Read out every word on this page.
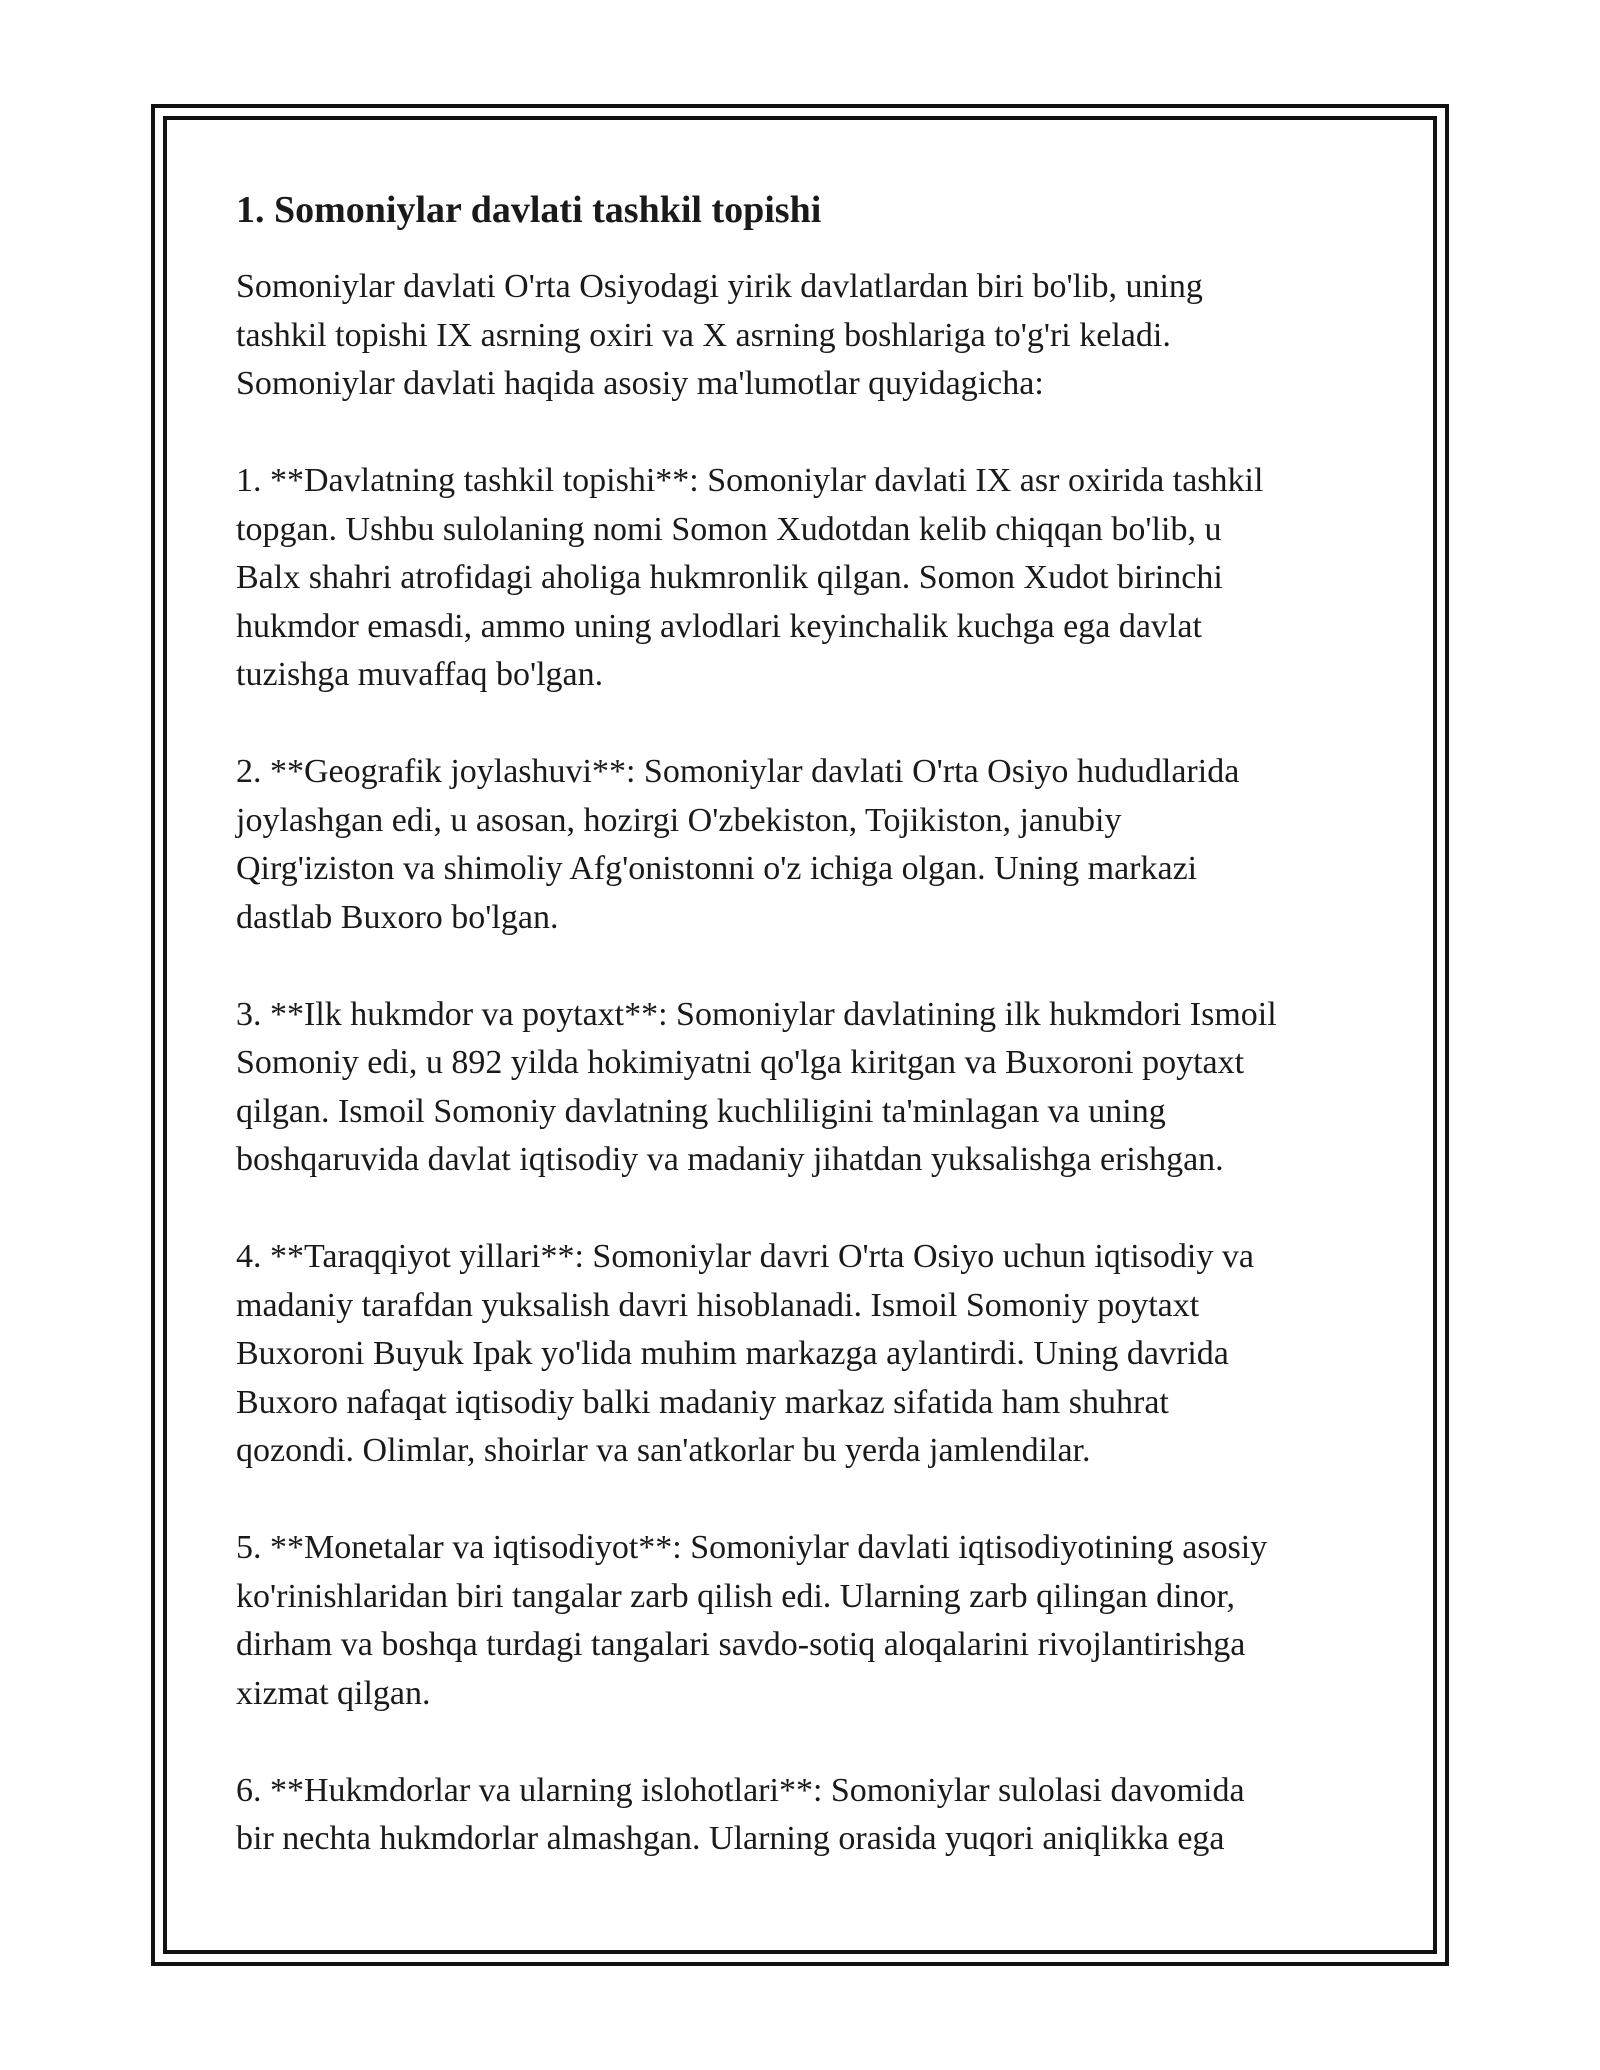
1. Somoniylar davlati tashkil topishi

Somoniylar davlati O'rta Osiyodagi yirik davlatlardan biri bo'lib, uning
tashkil topishi IX asrning oxiri va X asrning boshlariga to'g'ri keladi.
Somoniylar davlati haqida asosiy ma'lumotlar quyidagicha:

1. **Davlatning tashkil topishi**: Somoniylar davlati IX asr oxirida tashkil
topgan. Ushbu sulolaning nomi Somon Xudotdan kelib chiqqan bo'lib, u
Balx shahri atrofidagi aholiga hukmronlik qilgan. Somon Xudot birinchi
hukmdor emasdi, ammo uning avlodlari keyinchalik kuchga ega davlat
tuzishga muvaffaq bo'lgan.

2. **Geografik joylashuvi**: Somoniylar davlati O'rta Osiyo hududlarida
joylashgan edi, u asosan, hozirgi O'zbekiston, Tojikiston, janubiy
Qirg'iziston va shimoliy Afg'onistonni o'z ichiga olgan. Uning markazi
dastlab Buxoro bo'lgan.

3. **Ilk hukmdor va poytaxt**: Somoniylar davlatining ilk hukmdori Ismoil
Somoniy edi, u 892 yilda hokimiyatni qo'lga kiritgan va Buxoroni poytaxt
qilgan. Ismoil Somoniy davlatning kuchliligini ta'minlagan va uning
boshqaruvida davlat iqtisodiy va madaniy jihatdan yuksalishga erishgan.

4. **Taraqqiyot yillari**: Somoniylar davri O'rta Osiyo uchun iqtisodiy va
madaniy tarafdan yuksalish davri hisoblanadi. Ismoil Somoniy poytaxt
Buxoroni Buyuk Ipak yo'lida muhim markazga aylantirdi. Uning davrida
Buxoro nafaqat iqtisodiy balki madaniy markaz sifatida ham shuhrat
qozondi. Olimlar, shoirlar va san'atkorlar bu yerda jamlendilar.

5. **Monetalar va iqtisodiyot**: Somoniylar davlati iqtisodiyotining asosiy
ko'rinishlaridan biri tangalar zarb qilish edi. Ularning zarb qilingan dinor,
dirham va boshqa turdagi tangalari savdo-sotiq aloqalarini rivojlantirishga
xizmat qilgan.

6. **Hukmdorlar va ularning islohotlari**: Somoniylar sulolasi davomida
bir nechta hukmdorlar almashgan. Ularning orasida yuqori aniqlikka ega
